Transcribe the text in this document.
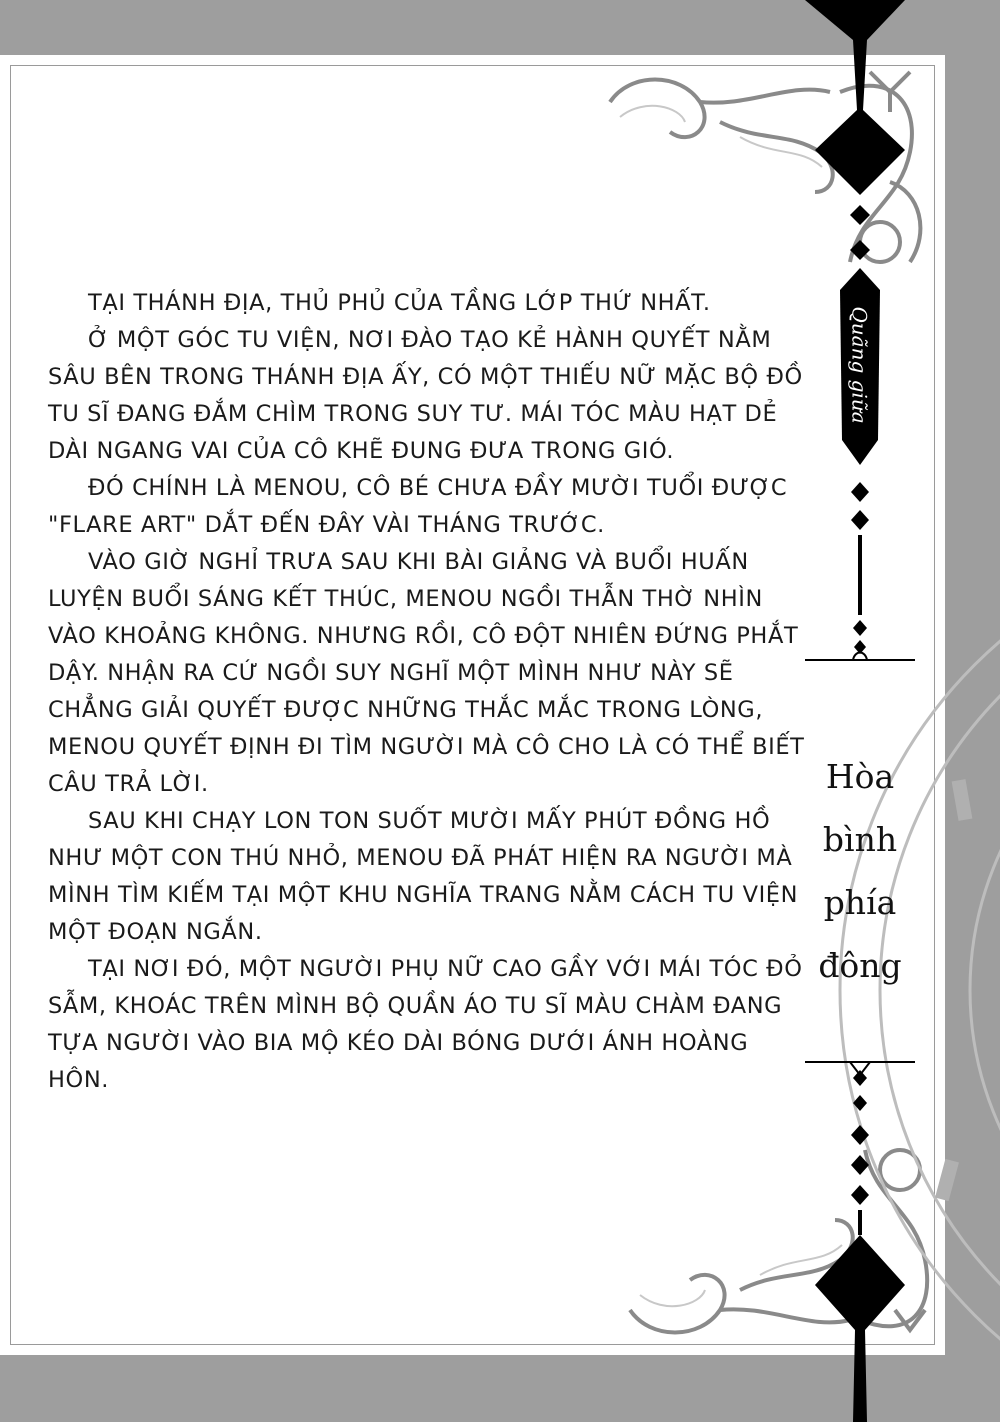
Quãng giữa
Hòa
bình
phía
đông

TẠI THÁNH ĐỊA, THỦ PHỦ CỦA TẦNG LỚP THỨ NHẤT.

Ở MỘT GÓC TU VIỆN, NƠI ĐÀO TẠO KẺ HÀNH QUYẾT NẰM SÂU BÊN TRONG THÁNH ĐỊA ẤY, CÓ MỘT THIẾU NỮ MẶC BỘ ĐỒ TU SĨ ĐANG ĐẮM CHÌM TRONG SUY TƯ. MÁI TÓC MÀU HẠT DẺ DÀI NGANG VAI CỦA CÔ KHẼ ĐUNG ĐƯA TRONG GIÓ.

ĐÓ CHÍNH LÀ MENOU, CÔ BÉ CHƯA ĐẦY MƯỜI TUỔI ĐƯỢC "FLARE ART" DẮT ĐẾN ĐÂY VÀI THÁNG TRƯỚC.

VÀO GIỜ NGHỈ TRƯA SAU KHI BÀI GIẢNG VÀ BUỔI HUẤN LUYỆN BUỔI SÁNG KẾT THÚC, MENOU NGỒI THẪN THỜ NHÌN VÀO KHOẢNG KHÔNG. NHƯNG RỒI, CÔ ĐỘT NHIÊN ĐỨNG PHẮT DẬY. NHẬN RA CỨ NGỒI SUY NGHĨ MỘT MÌNH NHƯ NÀY SẼ CHẲNG GIẢI QUYẾT ĐƯỢC NHỮNG THẮC MẮC TRONG LÒNG, MENOU QUYẾT ĐỊNH ĐI TÌM NGƯỜI MÀ CÔ CHO LÀ CÓ THỂ BIẾT CÂU TRẢ LỜI.

SAU KHI CHẠY LON TON SUỐT MƯỜI MẤY PHÚT ĐỒNG HỒ NHƯ MỘT CON THÚ NHỎ, MENOU ĐÃ PHÁT HIỆN RA NGƯỜI MÀ MÌNH TÌM KIẾM TẠI MỘT KHU NGHĨA TRANG NẰM CÁCH TU VIỆN MỘT ĐOẠN NGẮN.

TẠI NƠI ĐÓ, MỘT NGƯỜI PHỤ NỮ CAO GẦY VỚI MÁI TÓC ĐỎ SẪM, KHOÁC TRÊN MÌNH BỘ QUẦN ÁO TU SĨ MÀU CHÀM ĐANG TỰA NGƯỜI VÀO BIA MỘ KÉO DÀI BÓNG DƯỚI ÁNH HOÀNG HÔN.
